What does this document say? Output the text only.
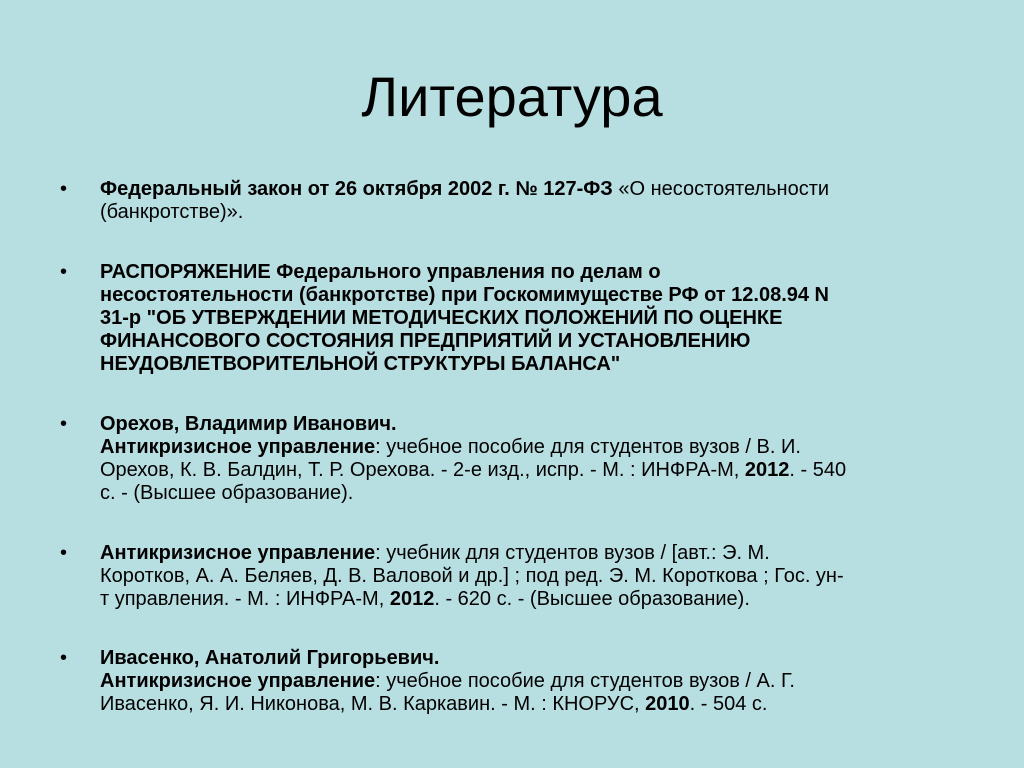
Литература
•	Федеральный закон от 26 октября 2002 г. № 127-ФЗ «О несостоятельности
(банкротстве)».
•	РАСПОРЯЖЕНИЕ Федерального управления по делам о
несостоятельности (банкротстве) при Госкомимуществе РФ от 12.08.94 N
31-р "ОБ УТВЕРЖДЕНИИ МЕТОДИЧЕСКИХ ПОЛОЖЕНИЙ ПО ОЦЕНКЕ
ФИНАНСОВОГО СОСТОЯНИЯ ПРЕДПРИЯТИЙ И УСТАНОВЛЕНИЮ
НЕУДОВЛЕТВОРИТЕЛЬНОЙ СТРУКТУРЫ БАЛАНСА"
•	Орехов, Владимир Иванович.
Антикризисное управление: учебное пособие для студентов вузов / В. И.
Орехов, К. В. Балдин, Т. Р. Орехова. - 2-е изд., испр. - М. : ИНФРА-М, 2012. - 540
с. - (Высшее образование).
•	Антикризисное управление: учебник для студентов вузов / [авт.: Э. М.
Коротков, А. А. Беляев, Д. В. Валовой и др.] ; под ред. Э. М. Короткова ; Гос. ун-
т управления. - М. : ИНФРА-М, 2012. - 620 с. - (Высшее образование).
•	Ивасенко, Анатолий Григорьевич.
Антикризисное управление: учебное пособие для студентов вузов / А. Г.
Ивасенко, Я. И. Никонова, М. В. Каркавин. - М. : КНОРУС, 2010. - 504 с.
